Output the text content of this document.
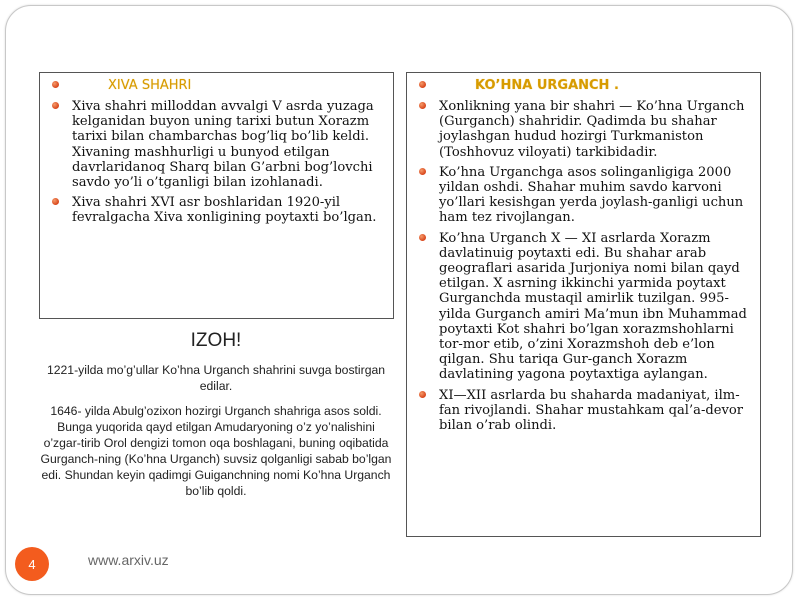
XIVA SHAHRI
Xiva shahri milloddan avvalgi V asrda yuzaga kelganidan buyon uning tarixi butun Xorazm tarixi bilan chambarchas bog’liq bo’lib keldi. Xivaning mashhurligi u bunyod etilgan davrlaridanoq Sharq bilan G’arbni bog’lovchi savdo yo’li o’tganligi bilan izohlanadi.
Xiva shahri XVI asr boshlaridan 1920-yil fevralgacha Xiva xonligining poytaxti bo’lgan.
IZOH!

1221-yilda mo’g’ullar Ko’hna Urganch shahrini suvga bostirgan edilar.

1646- yilda Abulg’ozixon hozirgi Urganch shahriga asos soldi. Bunga yuqorida qayd etilgan Amudaryoning o’z yo’nalishini o’zgar-tirib Orol dengizi tomon oqa boshlagani, buning oqibatida Gurganch-ning (Ko’hna Urganch) suvsiz qolganligi sabab bo’lgan edi. Shundan keyin qadimgi Guiganchning nomi Ko’hna Urganch bo’lib qoldi.

KO’HNA URGANCH .
Xonlikning yana bir shahri — Ko’hna Urganch (Gurganch) shahridir. Qadimda bu shahar joylashgan hudud hozirgi Turkmaniston (Toshhovuz viloyati) tarkibidadir.
Ko’hna Urganchga asos solinganligiga 2000 yildan oshdi. Shahar muhim savdo karvoni yo’llari kesishgan yerda joylash-ganligi uchun ham tez rivojlangan.
Ko’hna Urganch X — XI asrlarda Xorazm davlatinuig poytaxti edi. Bu shahar arab geograflari asarida Jurjoniya nomi bilan qayd etilgan. X asrning ikkinchi yarmida poytaxt Gurganchda mustaqil amirlik tuzilgan. 995- yilda Gurganch amiri Ma’mun ibn Muhammad poytaxti Kot shahri bo’lgan xorazmshohlarni tor-mor etib, o’zini Xorazmshoh deb e’lon qilgan. Shu tariqa Gur-ganch Xorazm davlatining yagona poytaxtiga aylangan.
XI—XII asrlarda bu shaharda madaniyat, ilm-fan rivojlandi. Shahar mustahkam qal’a-devor bilan o’rab olindi.
4	www.arxiv.uz
